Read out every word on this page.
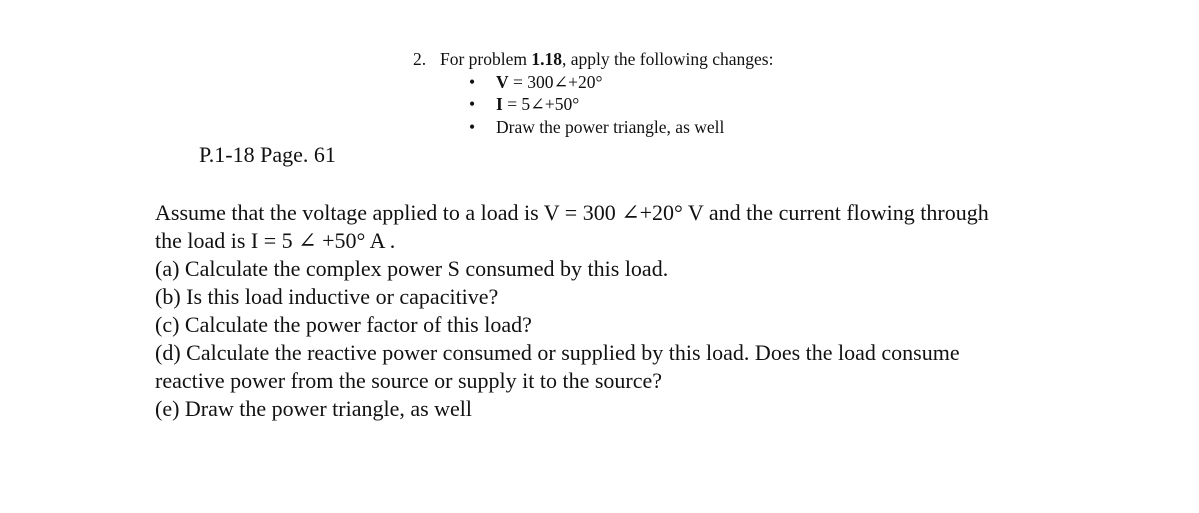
2. For problem 1.18, apply the following changes:
• V = 300∠+20°
• I = 5∠+50°
• Draw the power triangle, as well
P.1-18 Page. 61

Assume that the voltage applied to a load is V = 300 ∠+20° V and the current flowing through

the load is I = 5 ∠ +50° A .

(a) Calculate the complex power S consumed by this load.

(b) Is this load inductive or capacitive?

(c) Calculate the power factor of this load?

(d) Calculate the reactive power consumed or supplied by this load. Does the load consume

reactive power from the source or supply it to the source?

(e) Draw the power triangle, as well
